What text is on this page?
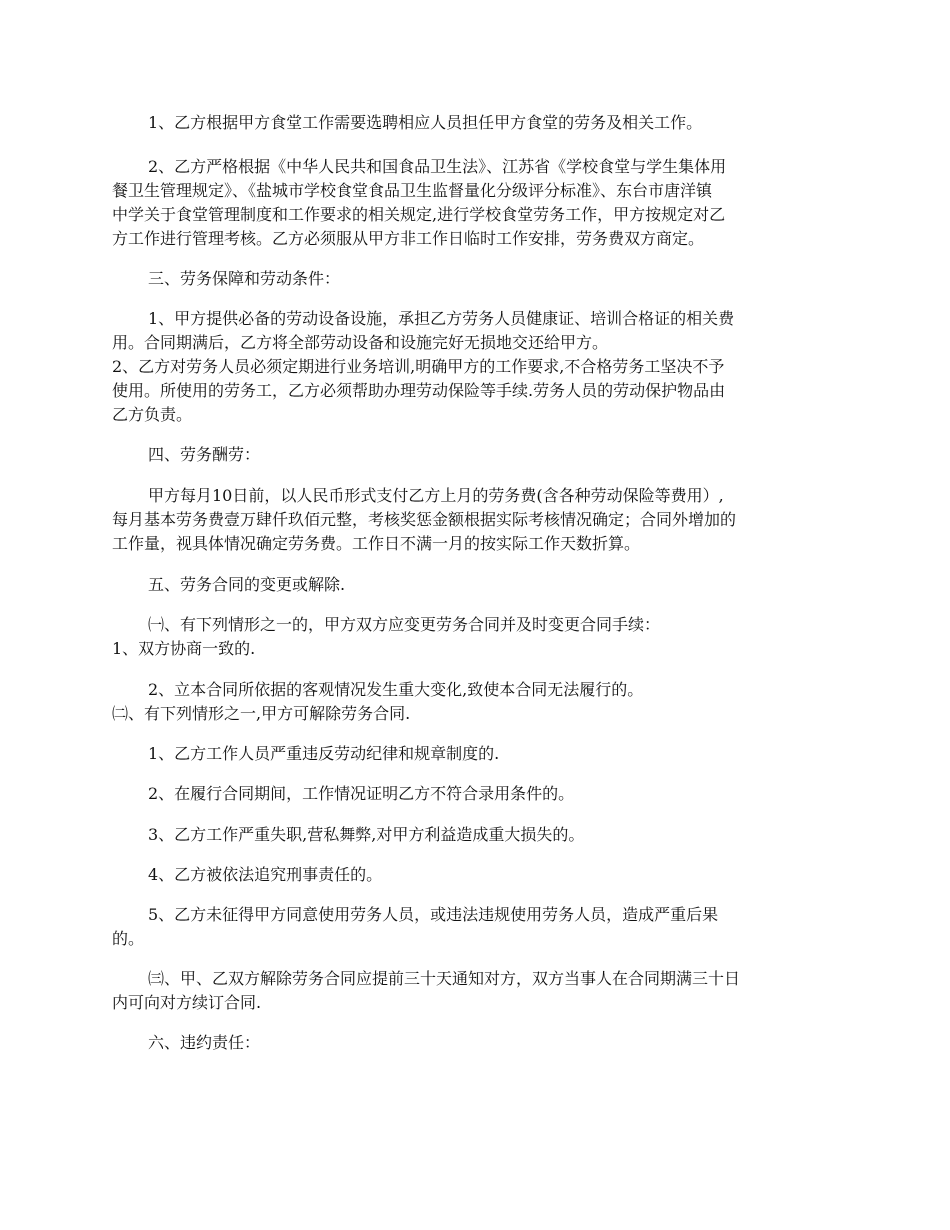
1、乙方根据甲方食堂工作需要选聘相应人员担任甲方食堂的劳务及相关工作。
2、乙方严格根据《中华人民共和国食品卫生法》、江苏省《学校食堂与学生集体用
餐卫生管理规定》、《盐城市学校食堂食品卫生监督量化分级评分标准》、东台市唐洋镇
中学关于食堂管理制度和工作要求的相关规定,进行学校食堂劳务工作，甲方按规定对乙
方工作进行管理考核。乙方必须服从甲方非工作日临时工作安排，劳务费双方商定。
三、劳务保障和劳动条件：
1、甲方提供必备的劳动设备设施，承担乙方劳务人员健康证、培训合格证的相关费
用。合同期满后，乙方将全部劳动设备和设施完好无损地交还给甲方。
2、乙方对劳务人员必须定期进行业务培训,明确甲方的工作要求,不合格劳务工坚决不予
使用。所使用的劳务工，乙方必须帮助办理劳动保险等手续.劳务人员的劳动保护物品由
乙方负责。
四、劳务酬劳：
甲方每月10日前，以人民币形式支付乙方上月的劳务费(含各种劳动保险等费用）,
每月基本劳务费壹万肆仟玖佰元整，考核奖惩金额根据实际考核情况确定；合同外增加的
工作量，视具体情况确定劳务费。工作日不满一月的按实际工作天数折算。
五、劳务合同的变更或解除.
㈠、有下列情形之一的，甲方双方应变更劳务合同并及时变更合同手续：
1、双方协商一致的.
2、立本合同所依据的客观情况发生重大变化,致使本合同无法履行的。
㈡、有下列情形之一,甲方可解除劳务合同.
1、乙方工作人员严重违反劳动纪律和规章制度的.
2、在履行合同期间，工作情况证明乙方不符合录用条件的。
3、乙方工作严重失职,营私舞弊,对甲方利益造成重大损失的。
4、乙方被依法追究刑事责任的。
5、乙方未征得甲方同意使用劳务人员，或违法违规使用劳务人员，造成严重后果
的。
㈢、甲、乙双方解除劳务合同应提前三十天通知对方，双方当事人在合同期满三十日
内可向对方续订合同.
六、违约责任：
